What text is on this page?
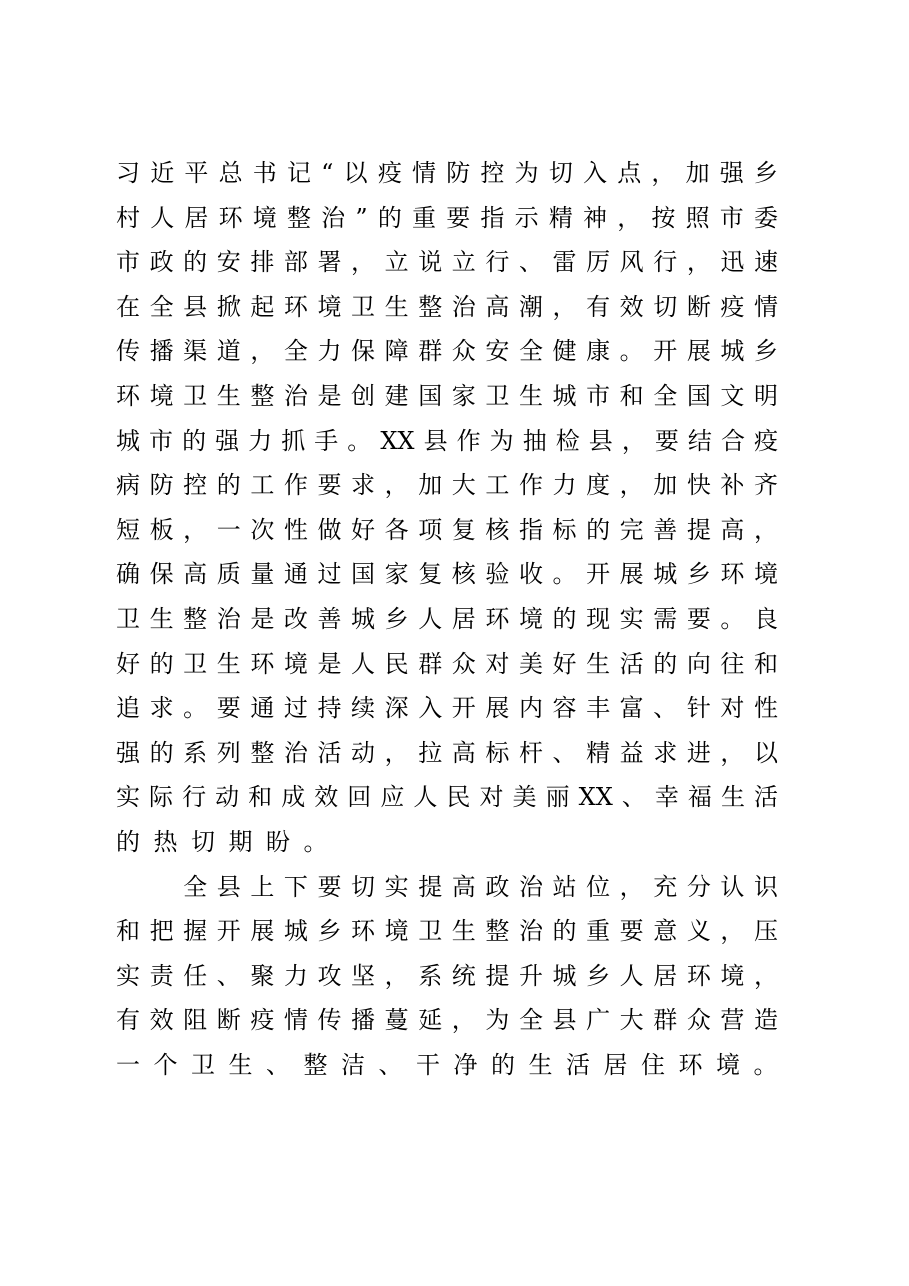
习近平总书记“以疫情防控为切入点，加强乡
村人居环境整治”的重要指示精神，按照市委
市政的安排部署，立说立行、雷厉风行，迅速
在全县掀起环境卫生整治高潮，有效切断疫情
传播渠道，全力保障群众安全健康。开展城乡
环境卫生整治是创建国家卫生城市和全国文明
城市的强力抓手。XX县作为抽检县，要结合疫
病防控的工作要求，加大工作力度，加快补齐
短板，一次性做好各项复核指标的完善提高，
确保高质量通过国家复核验收。开展城乡环境
卫生整治是改善城乡人居环境的现实需要。良
好的卫生环境是人民群众对美好生活的向往和
追求。要通过持续深入开展内容丰富、针对性
强的系列整治活动，拉高标杆、精益求进，以
实际行动和成效回应人民对美丽XX、幸福生活
的热切期盼。
　　全县上下要切实提高政治站位，充分认识
和把握开展城乡环境卫生整治的重要意义，压
实责任、聚力攻坚，系统提升城乡人居环境，
有效阻断疫情传播蔓延，为全县广大群众营造
一个卫生、整洁、干净的生活居住环境。
